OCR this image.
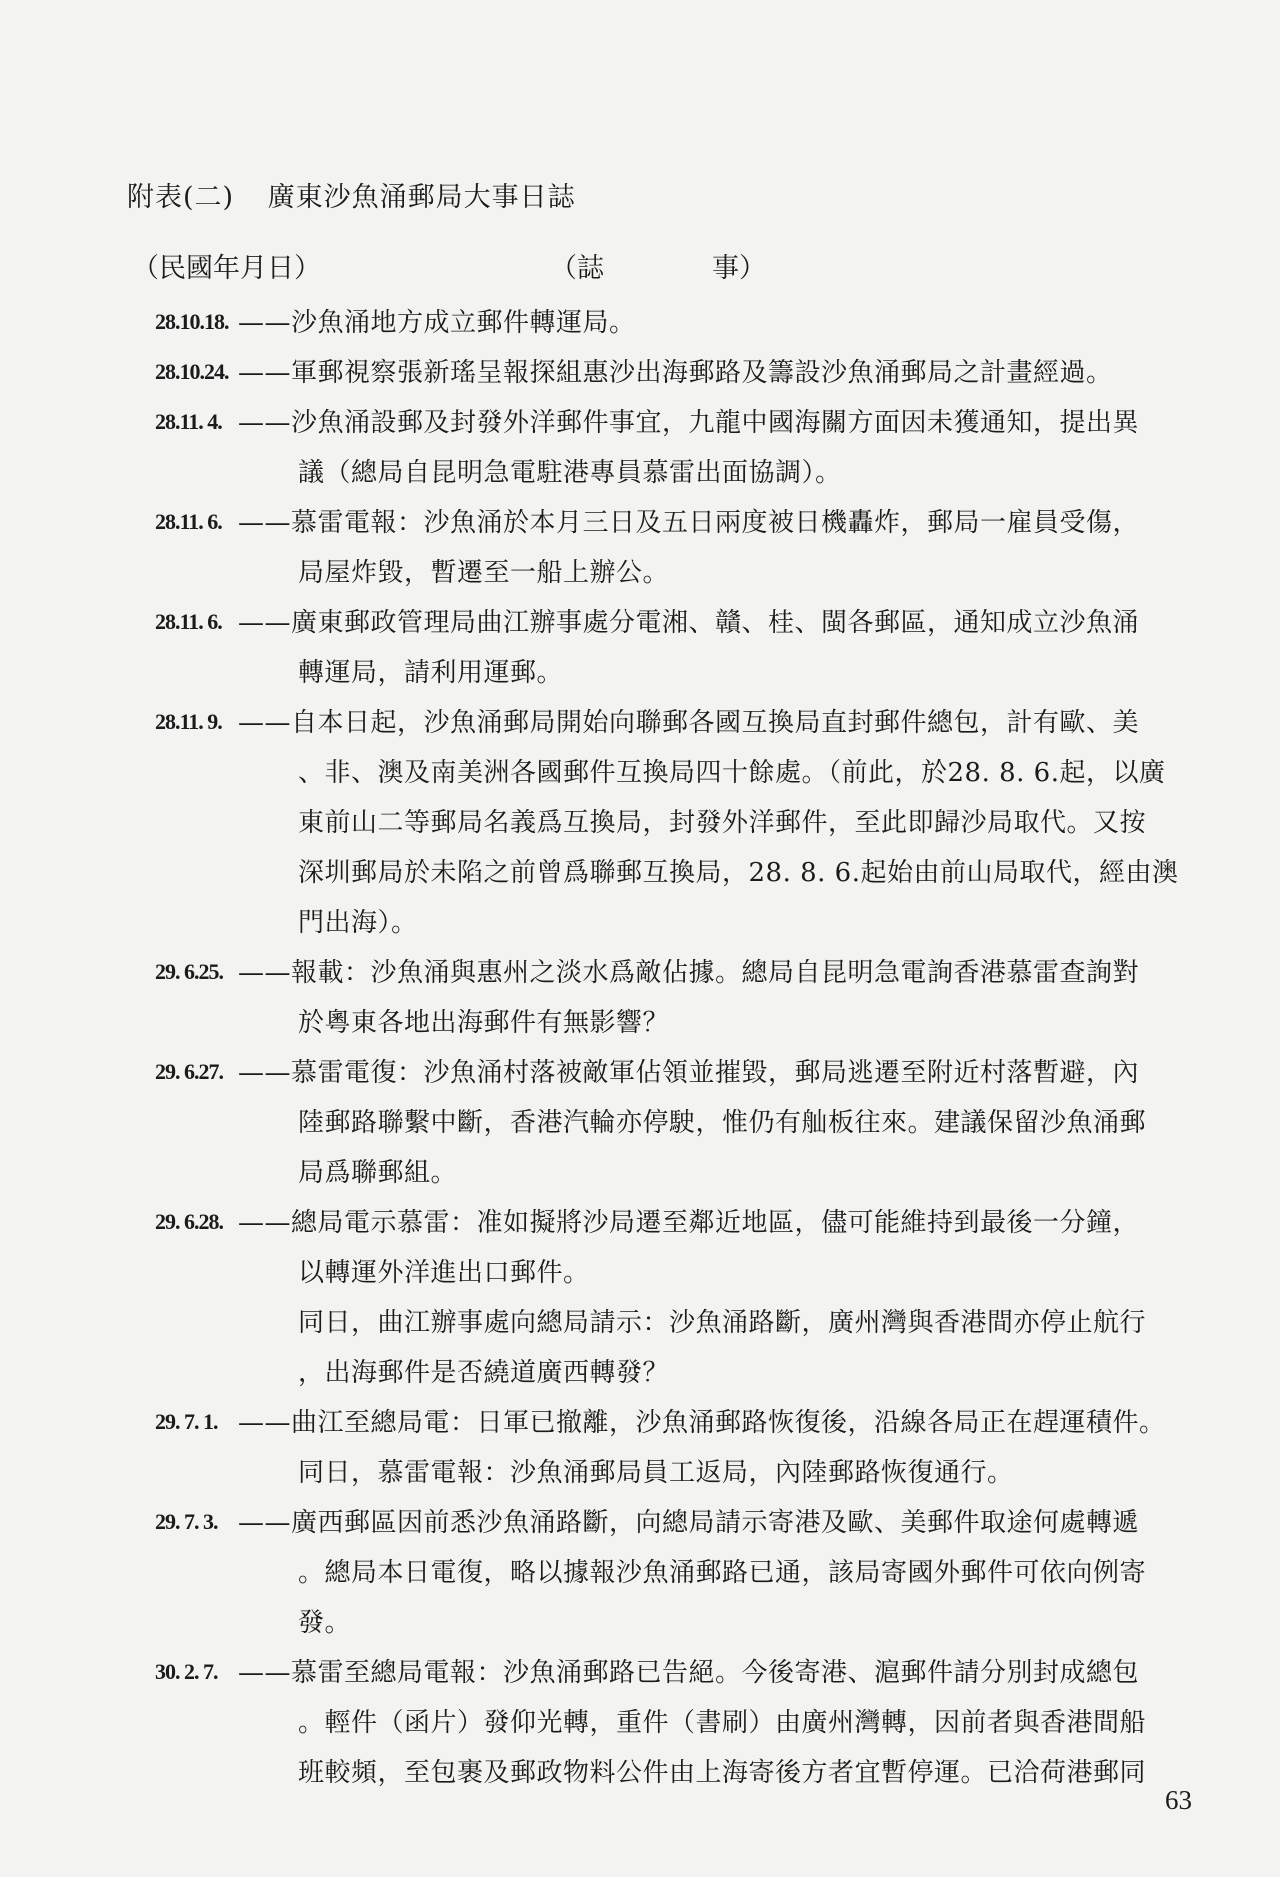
附表(二) 廣東沙魚涌郵局大事日誌
（民國年月日）	（誌　　　　事）
28.10.18. ——沙魚涌地方成立郵件轉運局。
28.10.24. ——軍郵視察張新瑤呈報探組惠沙出海郵路及籌設沙魚涌郵局之計畫經過。
28.11. 4. ——沙魚涌設郵及封發外洋郵件事宜，九龍中國海關方面因未獲通知，提出異
議（總局自昆明急電駐港專員慕雷出面協調）。
28.11. 6. ——慕雷電報：沙魚涌於本月三日及五日兩度被日機轟炸，郵局一雇員受傷，
局屋炸毀，暫遷至一船上辦公。
28.11. 6. ——廣東郵政管理局曲江辦事處分電湘、贛、桂、閩各郵區，通知成立沙魚涌
轉運局，請利用運郵。
28.11. 9. ——自本日起，沙魚涌郵局開始向聯郵各國互換局直封郵件總包，計有歐、美
、非、澳及南美洲各國郵件互換局四十餘處。（前此，於28. 8. 6.起，以廣
東前山二等郵局名義爲互換局，封發外洋郵件，至此即歸沙局取代。又按
深圳郵局於未陷之前曾爲聯郵互換局，28. 8. 6.起始由前山局取代，經由澳
門出海）。
29. 6.25. ——報載：沙魚涌與惠州之淡水爲敵佔據。總局自昆明急電詢香港慕雷查詢對
於粵東各地出海郵件有無影響？
29. 6.27. ——慕雷電復：沙魚涌村落被敵軍佔領並摧毀，郵局逃遷至附近村落暫避，內
陸郵路聯繫中斷，香港汽輪亦停駛，惟仍有舢板往來。建議保留沙魚涌郵
局爲聯郵組。
29. 6.28. ——總局電示慕雷：准如擬將沙局遷至鄰近地區，儘可能維持到最後一分鐘，
以轉運外洋進出口郵件。
同日，曲江辦事處向總局請示：沙魚涌路斷，廣州灣與香港間亦停止航行
，出海郵件是否繞道廣西轉發？
29. 7. 1. ——曲江至總局電：日軍已撤離，沙魚涌郵路恢復後，沿線各局正在趕運積件。
同日，慕雷電報：沙魚涌郵局員工返局，內陸郵路恢復通行。
29. 7. 3. ——廣西郵區因前悉沙魚涌路斷，向總局請示寄港及歐、美郵件取途何處轉遞
。總局本日電復，略以據報沙魚涌郵路已通，該局寄國外郵件可依向例寄
發。
30. 2. 7. ——慕雷至總局電報：沙魚涌郵路已告絕。今後寄港、滬郵件請分別封成總包
。輕件（函片）發仰光轉，重件（書刷）由廣州灣轉，因前者與香港間船
班較頻，至包裹及郵政物料公件由上海寄後方者宜暫停運。已洽荷港郵同
63
